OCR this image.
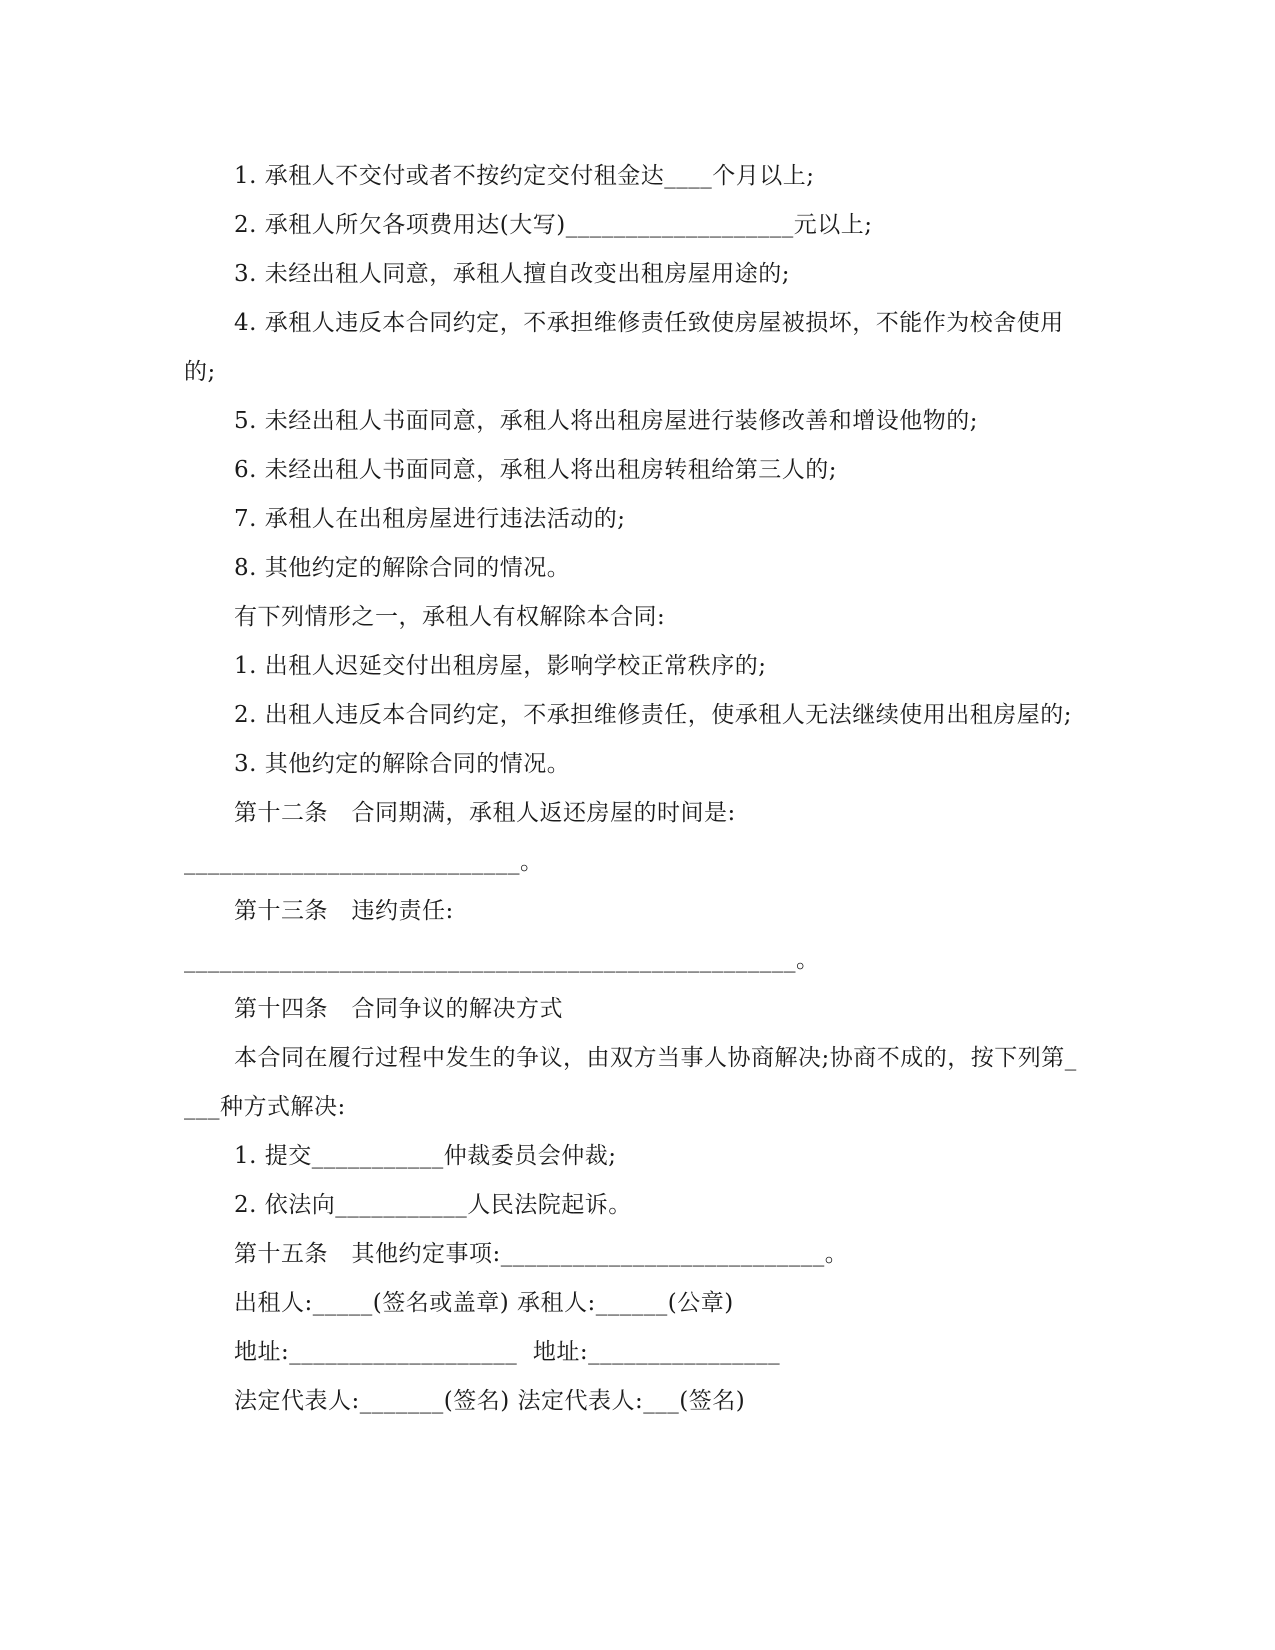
1. 承租人不交付或者不按约定交付租金达____个月以上;

2. 承租人所欠各项费用达(大写)___________________元以上;

3. 未经出租人同意，承租人擅自改变出租房屋用途的;

4. 承租人违反本合同约定，不承担维修责任致使房屋被损坏，不能作为校舍使用的;

5. 未经出租人书面同意，承租人将出租房屋进行装修改善和增设他物的;

6. 未经出租人书面同意，承租人将出租房转租给第三人的;

7. 承租人在出租房屋进行违法活动的;

8. 其他约定的解除合同的情况。

有下列情形之一，承租人有权解除本合同:

1. 出租人迟延交付出租房屋，影响学校正常秩序的;

2. 出租人违反本合同约定，不承担维修责任，使承租人无法继续使用出租房屋的;

3. 其他约定的解除合同的情况。

第十二条　合同期满，承租人返还房屋的时间是:

____________________________。

第十三条　违约责任:

___________________________________________________。

第十四条　合同争议的解决方式

本合同在履行过程中发生的争议，由双方当事人协商解决;协商不成的，按下列第____种方式解决:

1. 提交___________仲裁委员会仲裁;

2. 依法向___________人民法院起诉。

第十五条　其他约定事项:___________________________。

出租人:_____(签名或盖章) 承租人:______(公章)

地址:___________________  地址:________________

法定代表人:_______(签名) 法定代表人:___(签名)
